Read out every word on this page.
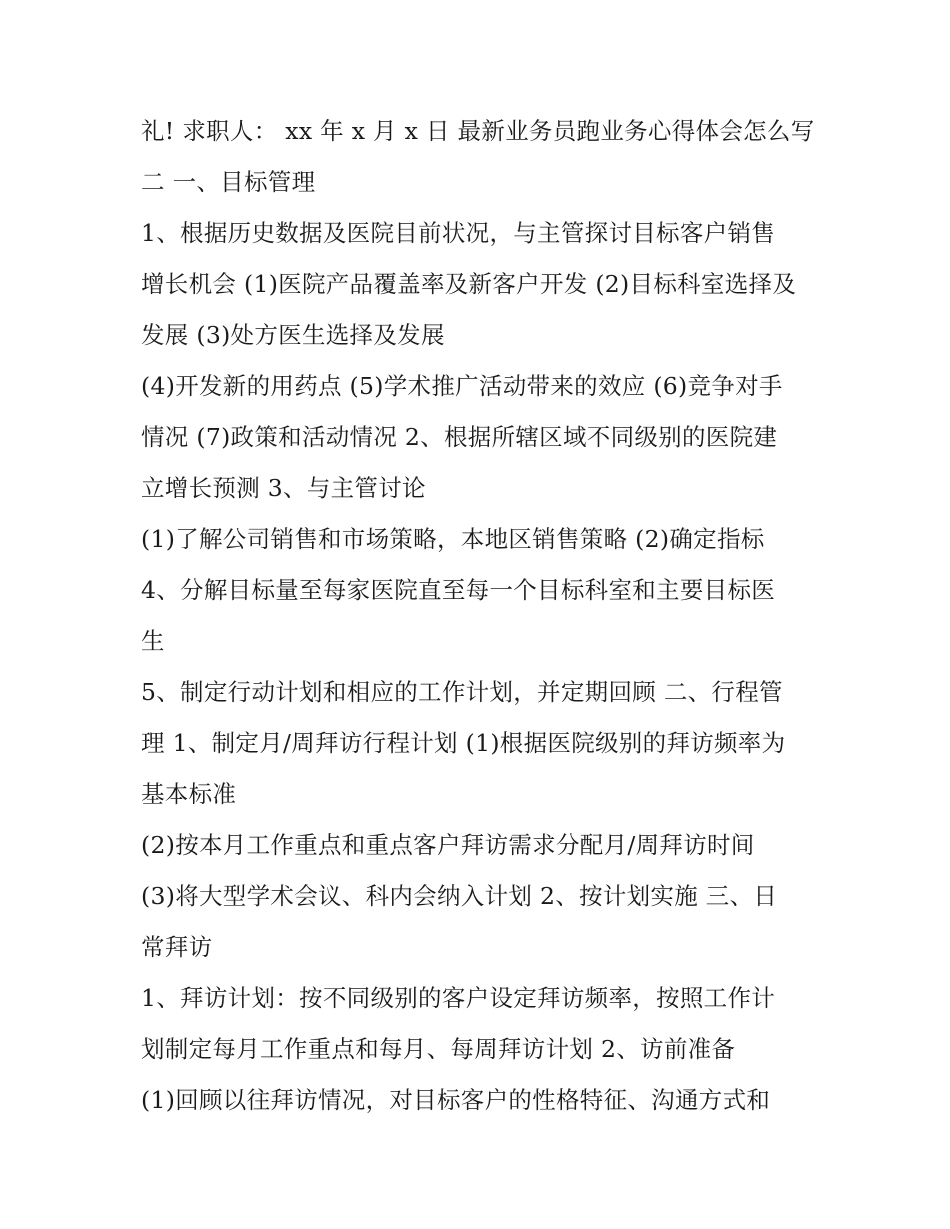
礼! 求职人： xx 年 x 月 x 日 最新业务员跑业务心得体会怎么写
二 一、目标管理
1、根据历史数据及医院目前状况，与主管探讨目标客户销售
增长机会 (1)医院产品覆盖率及新客户开发 (2)目标科室选择及
发展 (3)处方医生选择及发展
(4)开发新的用药点 (5)学术推广活动带来的效应 (6)竞争对手
情况 (7)政策和活动情况 2、根据所辖区域不同级别的医院建
立增长预测 3、与主管讨论
(1)了解公司销售和市场策略，本地区销售策略 (2)确定指标
4、分解目标量至每家医院直至每一个目标科室和主要目标医
生
5、制定行动计划和相应的工作计划，并定期回顾 二、行程管
理 1、制定月/周拜访行程计划 (1)根据医院级别的拜访频率为
基本标准
(2)按本月工作重点和重点客户拜访需求分配月/周拜访时间
(3)将大型学术会议、科内会纳入计划 2、按计划实施 三、日
常拜访
1、拜访计划：按不同级别的客户设定拜访频率，按照工作计
划制定每月工作重点和每月、每周拜访计划 2、访前准备
(1)回顾以往拜访情况，对目标客户的性格特征、沟通方式和
